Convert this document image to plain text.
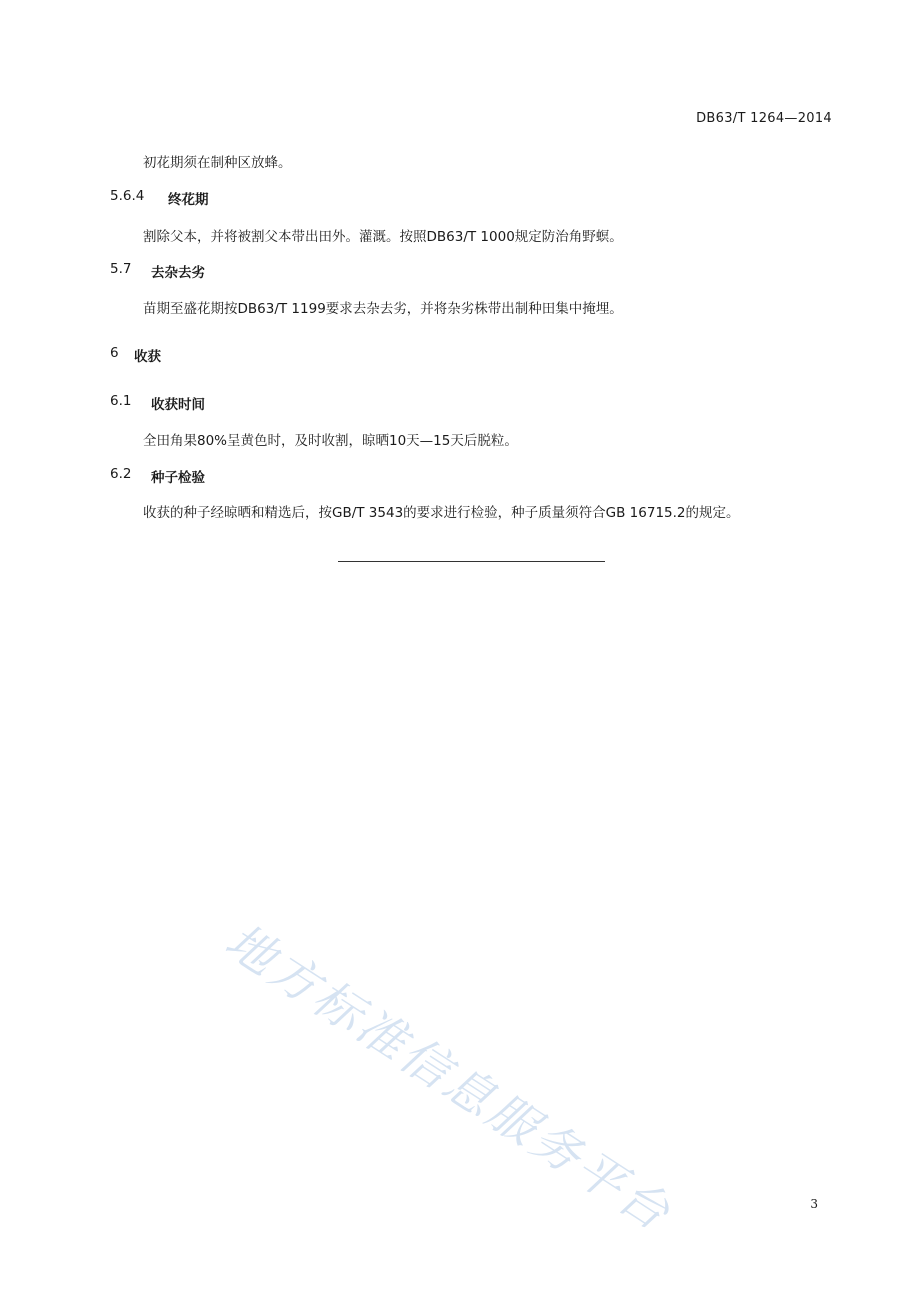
DB63/T 1264—2014
初花期须在制种区放蜂。
5.6.4 终花期
割除父本，并将被割父本带出田外。灌溉。按照DB63/T 1000规定防治角野螟。
5.7 去杂去劣
苗期至盛花期按DB63/T 1199要求去杂去劣，并将杂劣株带出制种田集中掩埋。
6 收获
6.1 收获时间
全田角果80%呈黄色时，及时收割，晾晒10天—15天后脱粒。
6.2 种子检验
收获的种子经晾晒和精选后，按GB/T 3543的要求进行检验，种子质量须符合GB 16715.2的规定。
地方标准信息服务平台	3
